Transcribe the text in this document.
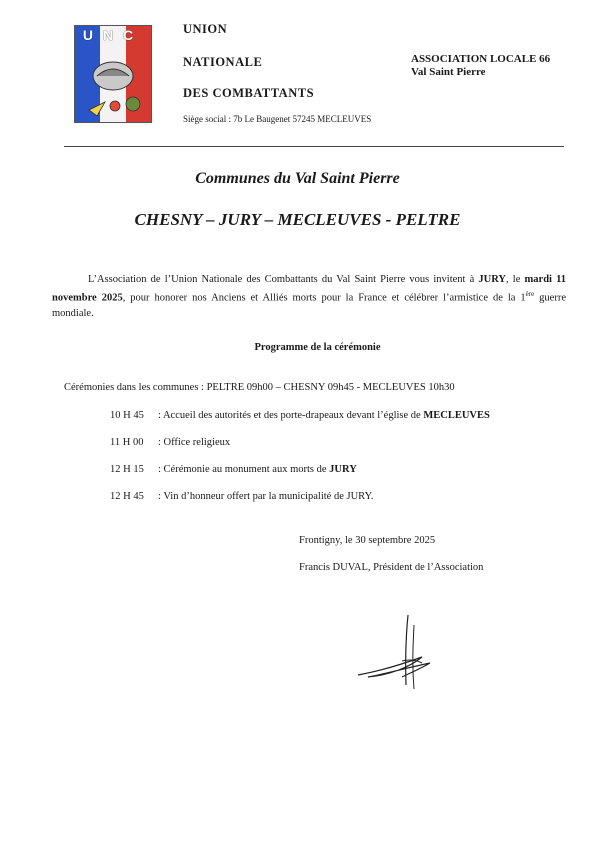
UNC	UNION
NATIONALE
DES COMBATTANTS
ASSOCIATION LOCALE 66
Val Saint Pierre
Siège social : 7b Le Baugenet 57245 MECLEUVES
Communes du Val Saint Pierre
CHESNY – JURY – MECLEUVES - PELTRE
L’Association de l’Union Nationale des Combattants du Val Saint Pierre vous invitent à JURY, le mardi 11 novembre 2025, pour honorer nos Anciens et Alliés morts pour la France et célébrer l’armistice de la 1ère guerre mondiale.
Programme de la cérémonie
Cérémonies dans les communes : PELTRE 09h00 – CHESNY 09h45 - MECLEUVES 10h30
10 H 45 : Accueil des autorités et des porte-drapeaux devant l’église de MECLEUVES
11 H 00 : Office religieux
12 H 15 : Cérémonie au monument aux morts de JURY
12 H 45 : Vin d’honneur offert par la municipalité de JURY.
Frontigny, le 30 septembre 2025
Francis DUVAL, Président de l’Association
